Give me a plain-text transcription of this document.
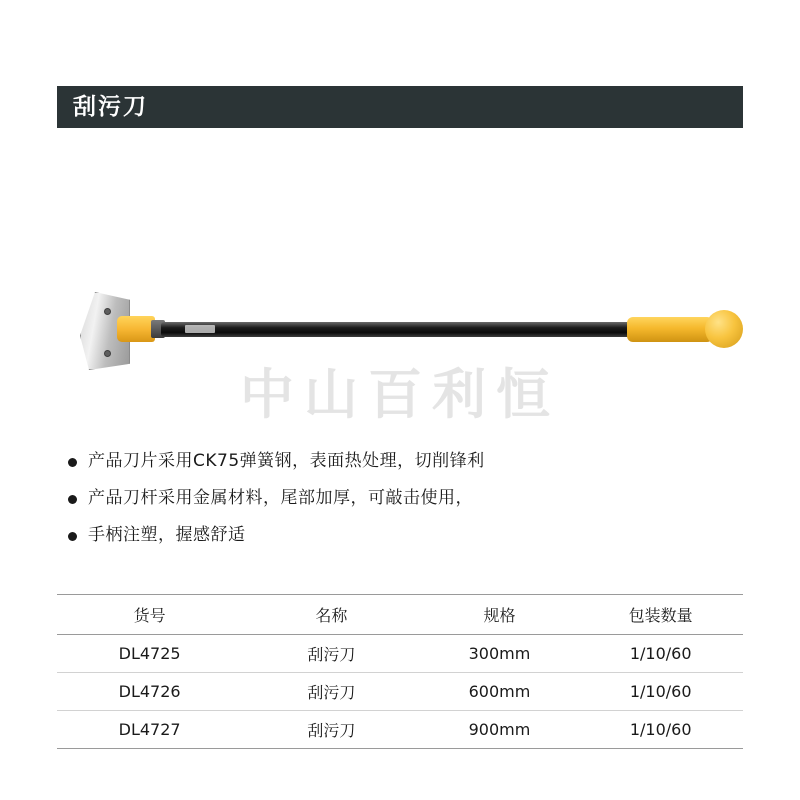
刮污刀
中山百利恒
产品刀片采用CK75弹簧钢，表面热处理，切削锋利
产品刀杆采用金属材料，尾部加厚，可敲击使用，
手柄注塑，握感舒适
货号	名称	规格	包装数量
DL4725	刮污刀	300mm	1/10/60
DL4726	刮污刀	600mm	1/10/60
DL4727	刮污刀	900mm	1/10/60
